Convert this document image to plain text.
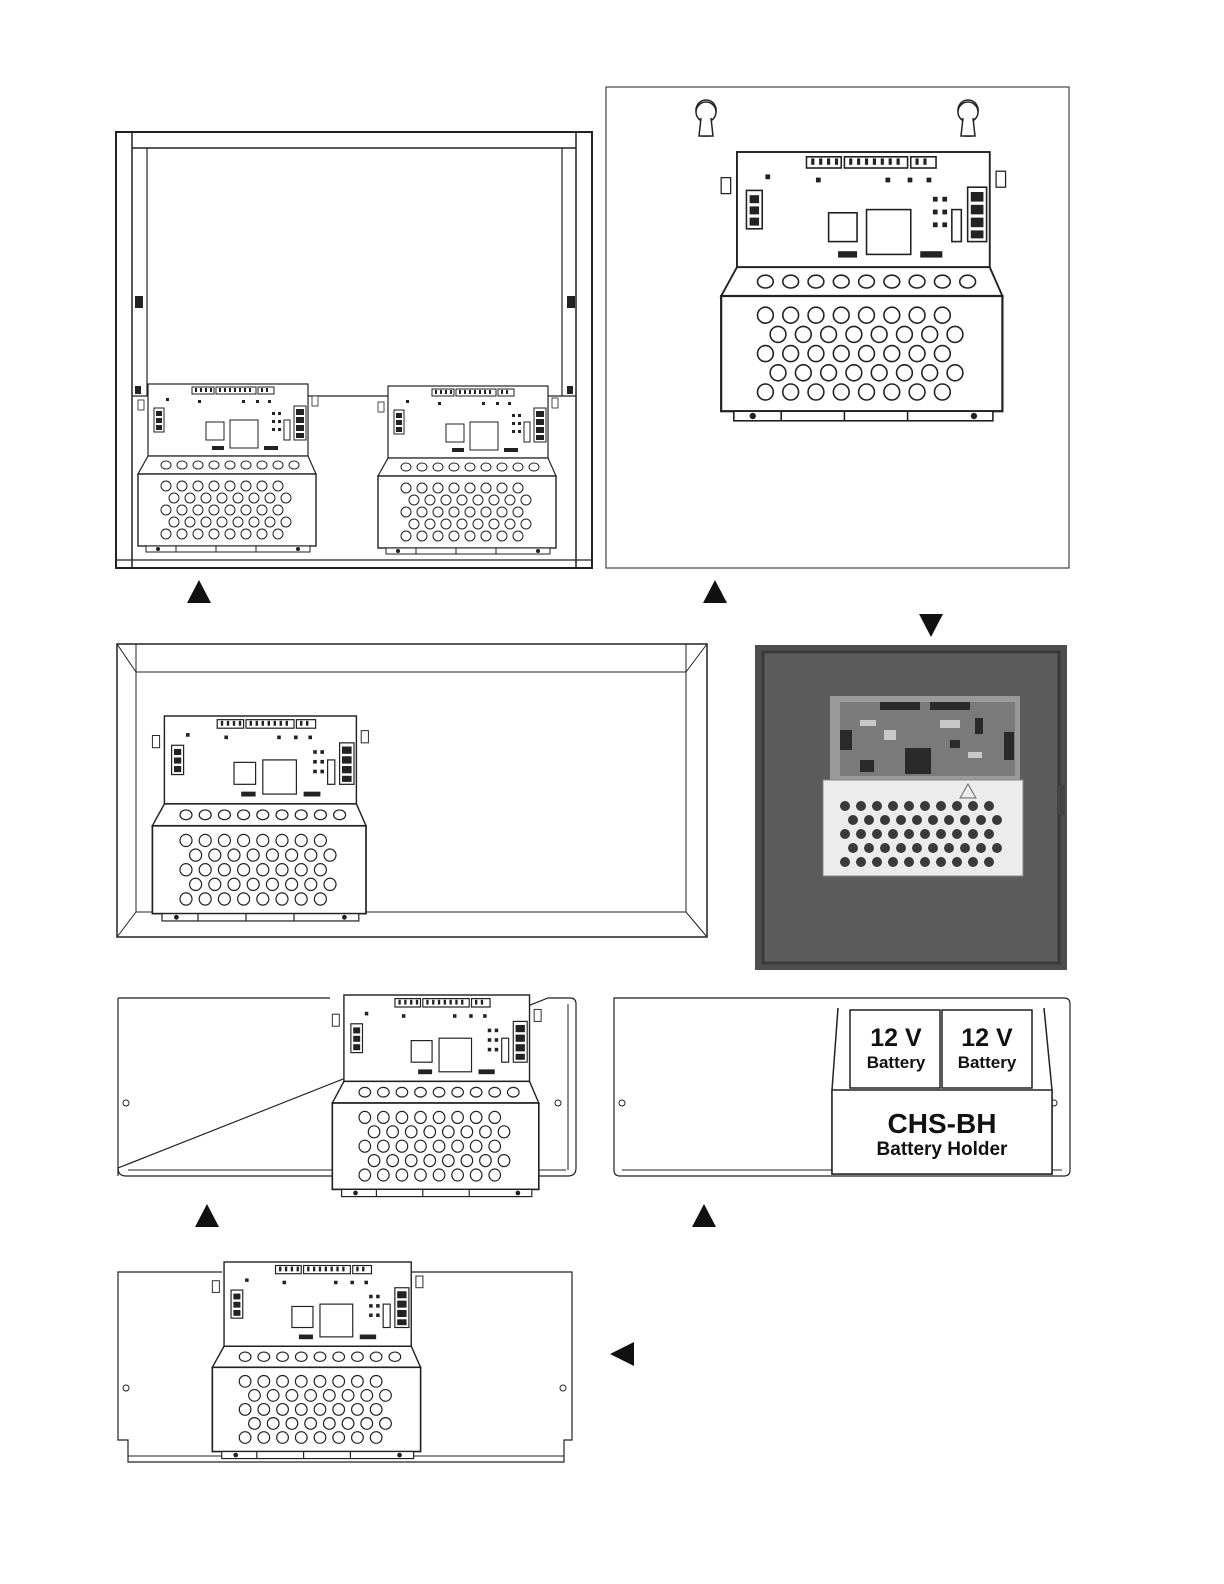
12 V
Battery
12 V
Battery
CHS-BH
Battery Holder
